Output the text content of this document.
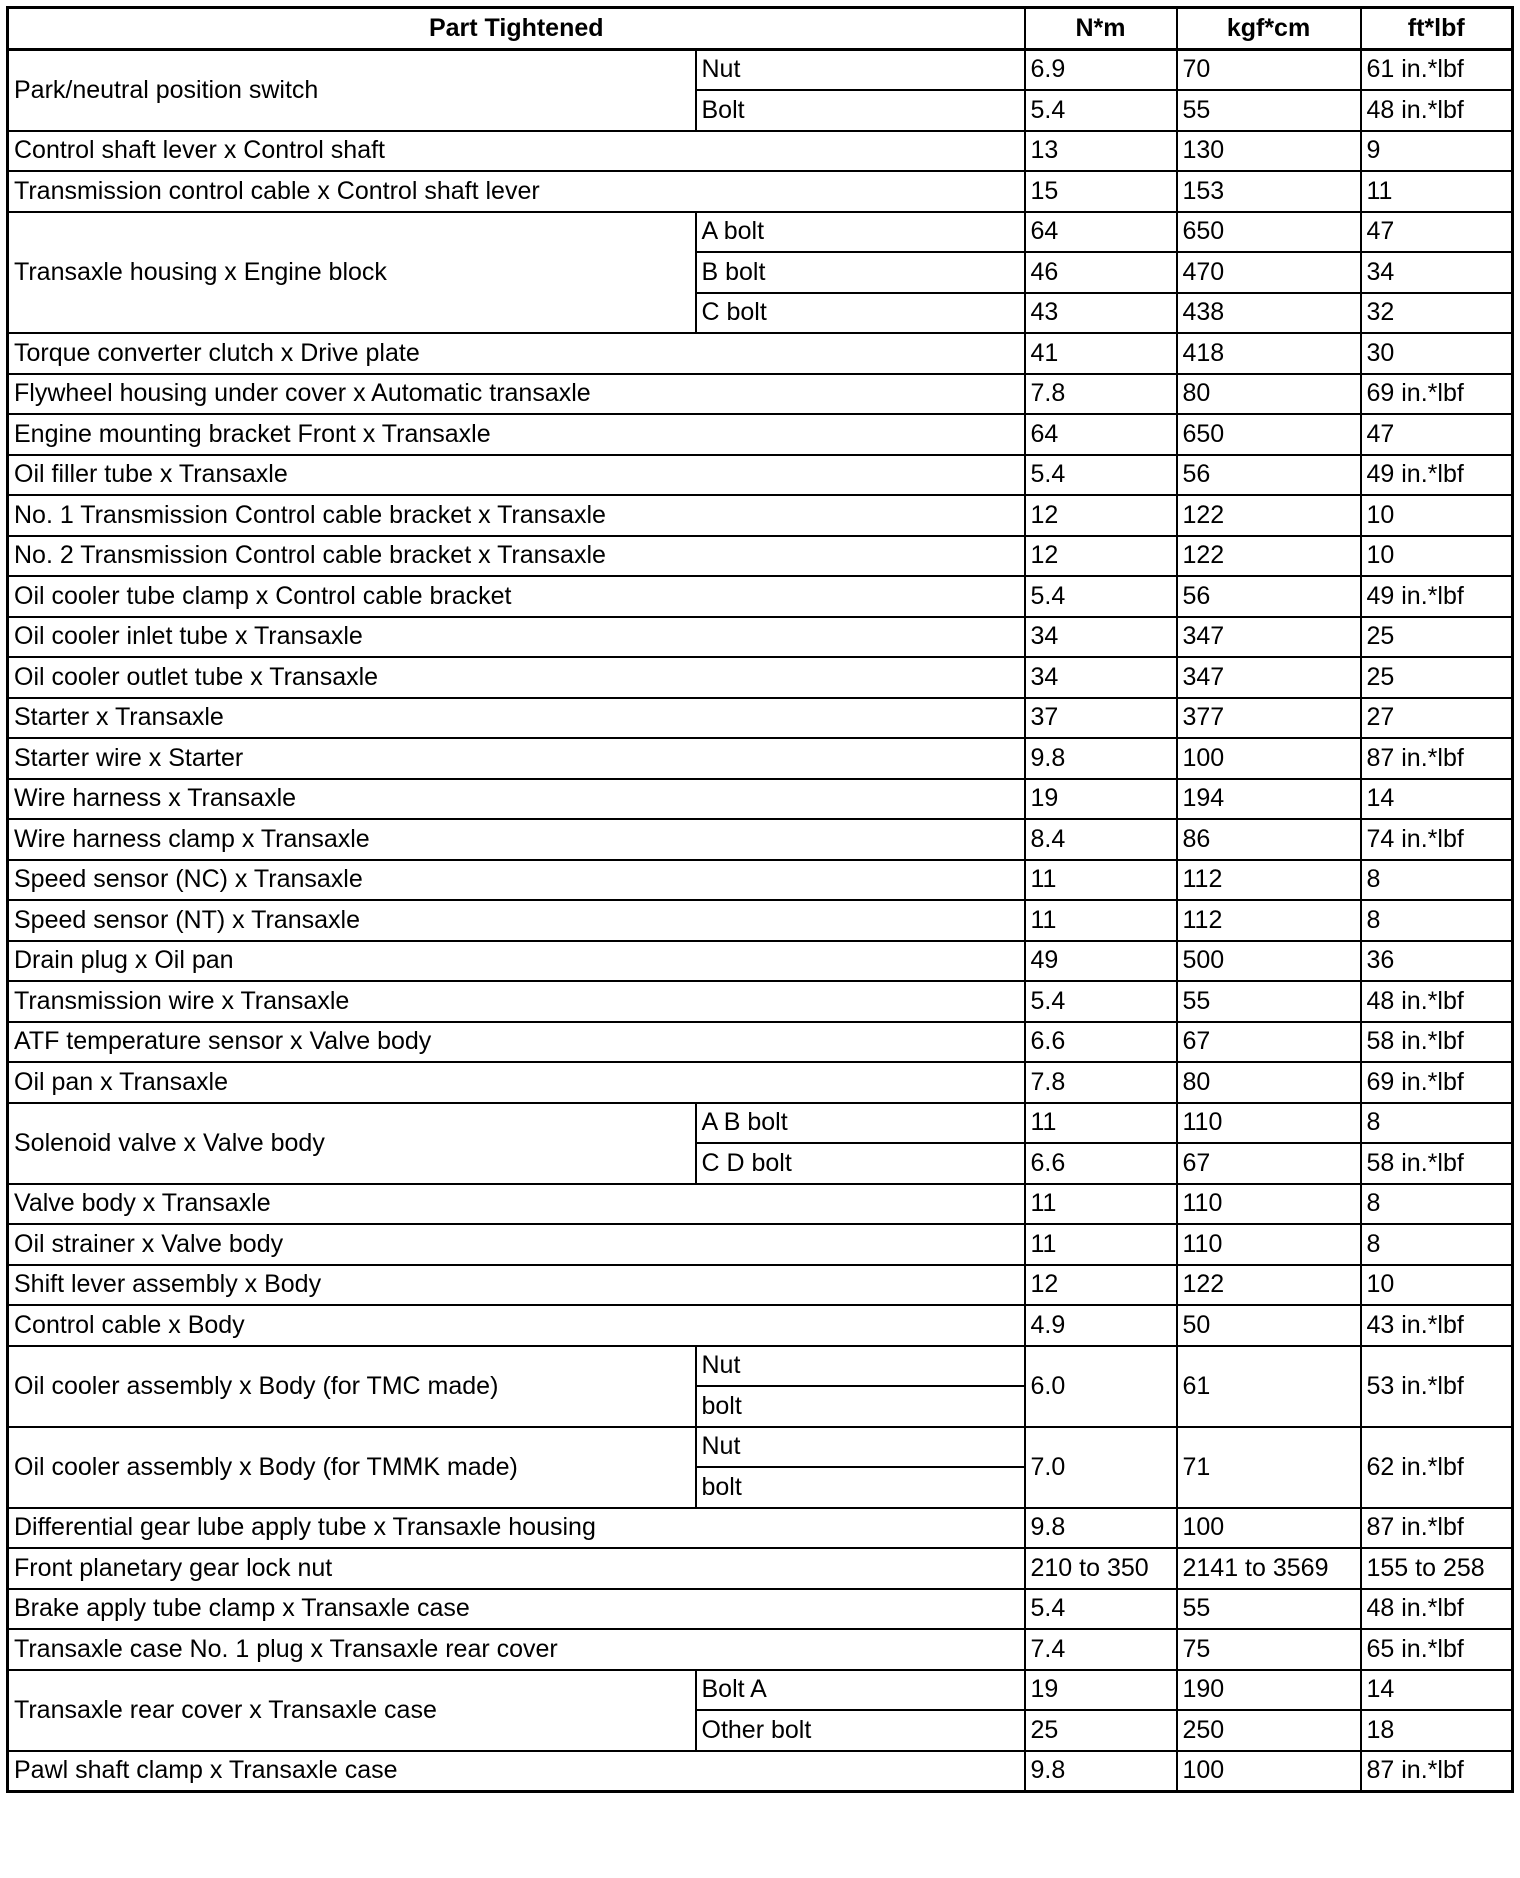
Part Tightened		N*m	kgf*cm	ft*lbf
Park/neutral position switch	Nut	6.9	70	61 in.*lbf
	Bolt	5.4	55	48 in.*lbf
Control shaft lever x Control shaft		13	130	9
Transmission control cable x Control shaft lever		15	153	11
Transaxle housing x Engine block	A bolt	64	650	47
	B bolt	46	470	34
	C bolt	43	438	32
Torque converter clutch x Drive plate		41	418	30
Flywheel housing under cover x Automatic transaxle		7.8	80	69 in.*lbf
Engine mounting bracket Front x Transaxle		64	650	47
Oil filler tube x Transaxle		5.4	56	49 in.*lbf
No. 1 Transmission Control cable bracket x Transaxle		12	122	10
No. 2 Transmission Control cable bracket x Transaxle		12	122	10
Oil cooler tube clamp x Control cable bracket		5.4	56	49 in.*lbf
Oil cooler inlet tube x Transaxle		34	347	25
Oil cooler outlet tube x Transaxle		34	347	25
Starter x Transaxle		37	377	27
Starter wire x Starter		9.8	100	87 in.*lbf
Wire harness x Transaxle		19	194	14
Wire harness clamp x Transaxle		8.4	86	74 in.*lbf
Speed sensor (NC) x Transaxle		11	112	8
Speed sensor (NT) x Transaxle		11	112	8
Drain plug x Oil pan		49	500	36
Transmission wire x Transaxle		5.4	55	48 in.*lbf
ATF temperature sensor x Valve body		6.6	67	58 in.*lbf
Oil pan x Transaxle		7.8	80	69 in.*lbf
Solenoid valve x Valve body	A B bolt	11	110	8
	C D bolt	6.6	67	58 in.*lbf
Valve body x Transaxle		11	110	8
Oil strainer x Valve body		11	110	8
Shift lever assembly x Body		12	122	10
Control cable x Body		4.9	50	43 in.*lbf
Oil cooler assembly x Body (for TMC made)	Nut	6.0	61	53 in.*lbf
	bolt			
Oil cooler assembly x Body (for TMMK made)	Nut	7.0	71	62 in.*lbf
	bolt			
Differential gear lube apply tube x Transaxle housing		9.8	100	87 in.*lbf
Front planetary gear lock nut		210 to 350	2141 to 3569	155 to 258
Brake apply tube clamp x Transaxle case		5.4	55	48 in.*lbf
Transaxle case No. 1 plug x Transaxle rear cover		7.4	75	65 in.*lbf
Transaxle rear cover x Transaxle case	Bolt A	19	190	14
	Other bolt	25	250	18
Pawl shaft clamp x Transaxle case		9.8	100	87 in.*lbf
